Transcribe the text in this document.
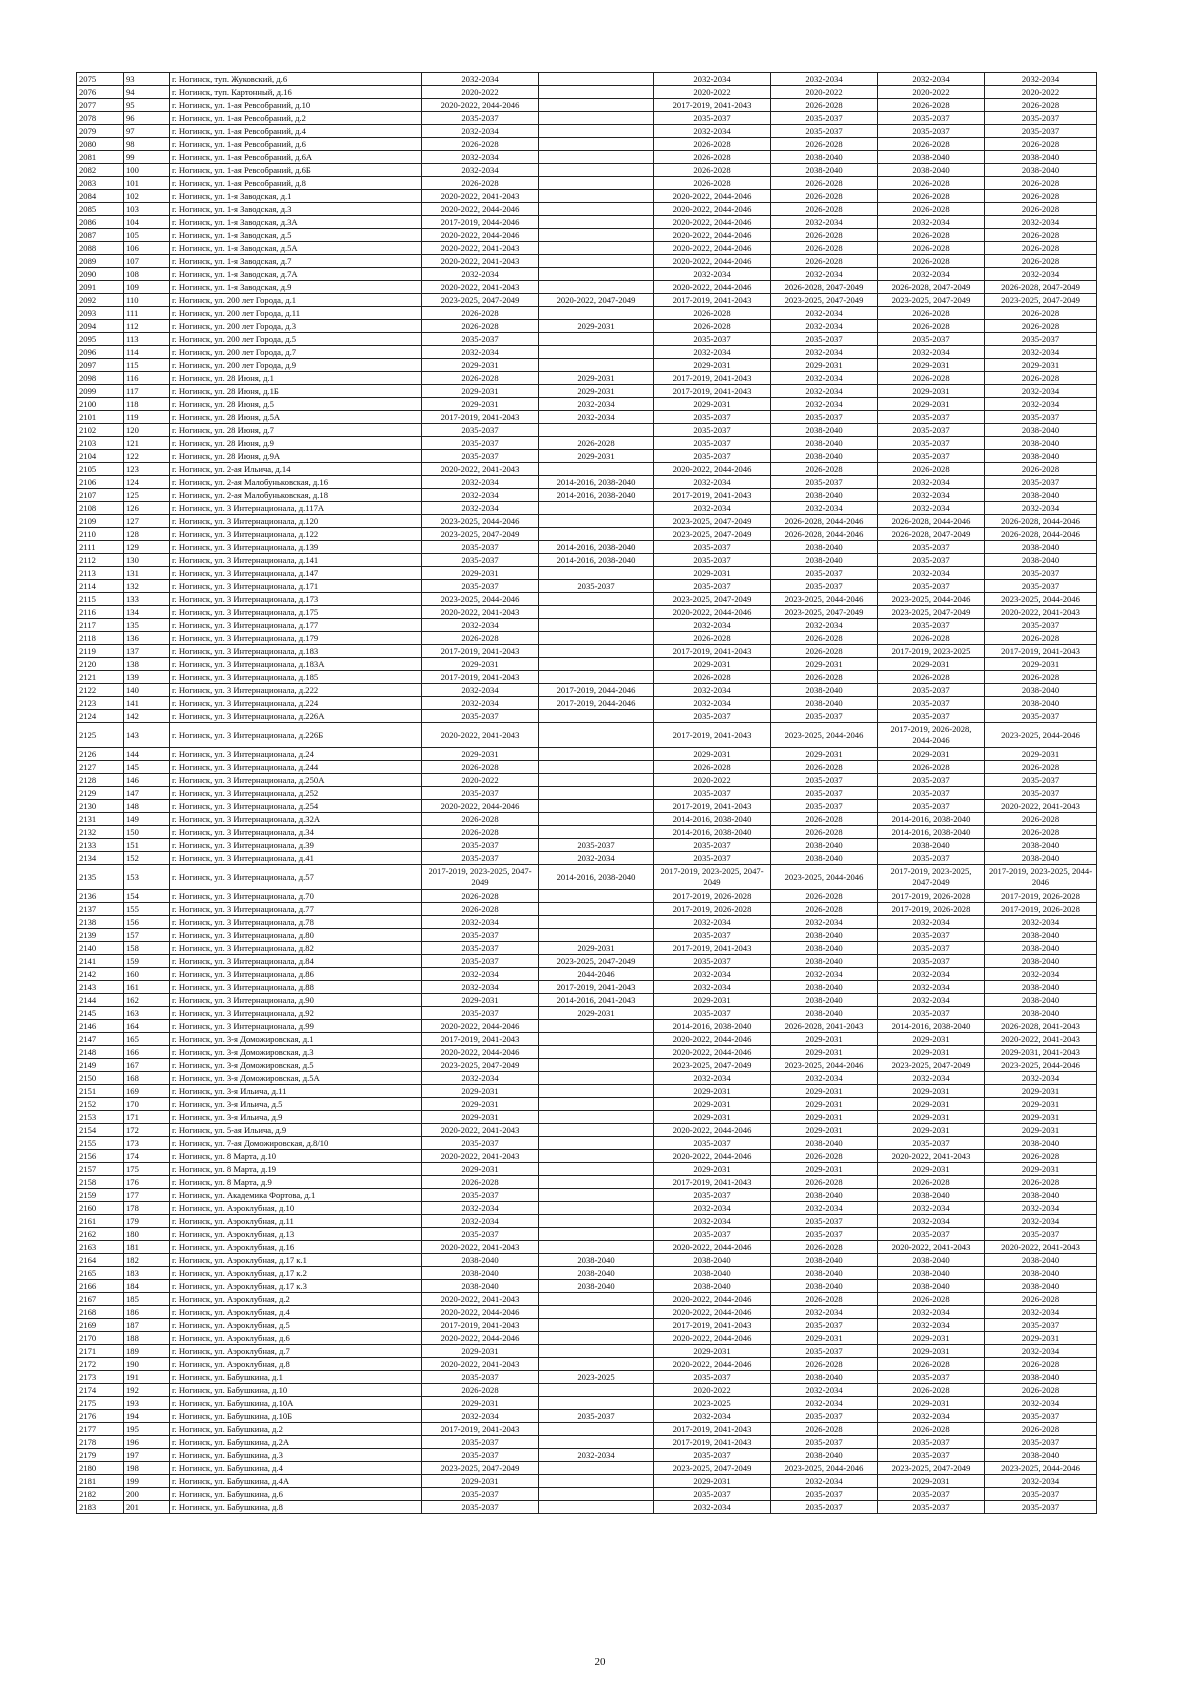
2075	93	г. Ногинск, туп. Жуковский, д.6	2032-2034		2032-2034	2032-2034	2032-2034	2032-2034
2076	94	г. Ногинск, туп. Картонный, д.16	2020-2022		2020-2022	2020-2022	2020-2022	2020-2022
2077	95	г. Ногинск, ул. 1-ая Ревсобраний, д.10	2020-2022, 2044-2046		2017-2019, 2041-2043	2026-2028	2026-2028	2026-2028
2078	96	г. Ногинск, ул. 1-ая Ревсобраний, д.2	2035-2037		2035-2037	2035-2037	2035-2037	2035-2037
2079	97	г. Ногинск, ул. 1-ая Ревсобраний, д.4	2032-2034		2032-2034	2035-2037	2035-2037	2035-2037
2080	98	г. Ногинск, ул. 1-ая Ревсобраний, д.6	2026-2028		2026-2028	2026-2028	2026-2028	2026-2028
2081	99	г. Ногинск, ул. 1-ая Ревсобраний, д.6А	2032-2034		2026-2028	2038-2040	2038-2040	2038-2040
2082	100	г. Ногинск, ул. 1-ая Ревсобраний, д.6Б	2032-2034		2026-2028	2038-2040	2038-2040	2038-2040
2083	101	г. Ногинск, ул. 1-ая Ревсобраний, д.8	2026-2028		2026-2028	2026-2028	2026-2028	2026-2028
2084	102	г. Ногинск, ул. 1-я Заводская, д.1	2020-2022, 2041-2043		2020-2022, 2044-2046	2026-2028	2026-2028	2026-2028
2085	103	г. Ногинск, ул. 1-я Заводская, д.3	2020-2022, 2044-2046		2020-2022, 2044-2046	2026-2028	2026-2028	2026-2028
2086	104	г. Ногинск, ул. 1-я Заводская, д.3А	2017-2019, 2044-2046		2020-2022, 2044-2046	2032-2034	2032-2034	2032-2034
2087	105	г. Ногинск, ул. 1-я Заводская, д.5	2020-2022, 2044-2046		2020-2022, 2044-2046	2026-2028	2026-2028	2026-2028
2088	106	г. Ногинск, ул. 1-я Заводская, д.5А	2020-2022, 2041-2043		2020-2022, 2044-2046	2026-2028	2026-2028	2026-2028
2089	107	г. Ногинск, ул. 1-я Заводская, д.7	2020-2022, 2041-2043		2020-2022, 2044-2046	2026-2028	2026-2028	2026-2028
2090	108	г. Ногинск, ул. 1-я Заводская, д.7А	2032-2034		2032-2034	2032-2034	2032-2034	2032-2034
2091	109	г. Ногинск, ул. 1-я Заводская, д.9	2020-2022, 2041-2043		2020-2022, 2044-2046	2026-2028, 2047-2049	2026-2028, 2047-2049	2026-2028, 2047-2049
2092	110	г. Ногинск, ул. 200 лет Города, д.1	2023-2025, 2047-2049	2020-2022, 2047-2049	2017-2019, 2041-2043	2023-2025, 2047-2049	2023-2025, 2047-2049	2023-2025, 2047-2049
2093	111	г. Ногинск, ул. 200 лет Города, д.11	2026-2028		2026-2028	2032-2034	2026-2028	2026-2028
2094	112	г. Ногинск, ул. 200 лет Города, д.3	2026-2028	2029-2031	2026-2028	2032-2034	2026-2028	2026-2028
2095	113	г. Ногинск, ул. 200 лет Города, д.5	2035-2037		2035-2037	2035-2037	2035-2037	2035-2037
2096	114	г. Ногинск, ул. 200 лет Города, д.7	2032-2034		2032-2034	2032-2034	2032-2034	2032-2034
2097	115	г. Ногинск, ул. 200 лет Города, д.9	2029-2031		2029-2031	2029-2031	2029-2031	2029-2031
2098	116	г. Ногинск, ул. 28 Июня, д.1	2026-2028	2029-2031	2017-2019, 2041-2043	2032-2034	2026-2028	2026-2028
2099	117	г. Ногинск, ул. 28 Июня, д.1Б	2029-2031	2029-2031	2017-2019, 2041-2043	2032-2034	2029-2031	2032-2034
2100	118	г. Ногинск, ул. 28 Июня, д.5	2029-2031	2032-2034	2029-2031	2032-2034	2029-2031	2032-2034
2101	119	г. Ногинск, ул. 28 Июня, д.5А	2017-2019, 2041-2043	2032-2034	2035-2037	2035-2037	2035-2037	2035-2037
2102	120	г. Ногинск, ул. 28 Июня, д.7	2035-2037		2035-2037	2038-2040	2035-2037	2038-2040
2103	121	г. Ногинск, ул. 28 Июня, д.9	2035-2037	2026-2028	2035-2037	2038-2040	2035-2037	2038-2040
2104	122	г. Ногинск, ул. 28 Июня, д.9А	2035-2037	2029-2031	2035-2037	2038-2040	2035-2037	2038-2040
2105	123	г. Ногинск, ул. 2-ая Ильича, д.14	2020-2022, 2041-2043		2020-2022, 2044-2046	2026-2028	2026-2028	2026-2028
2106	124	г. Ногинск, ул. 2-ая Малобуньковская, д.16	2032-2034	2014-2016, 2038-2040	2032-2034	2035-2037	2032-2034	2035-2037
2107	125	г. Ногинск, ул. 2-ая Малобуньковская, д.18	2032-2034	2014-2016, 2038-2040	2017-2019, 2041-2043	2038-2040	2032-2034	2038-2040
2108	126	г. Ногинск, ул. 3 Интернационала, д.117А	2032-2034		2032-2034	2032-2034	2032-2034	2032-2034
2109	127	г. Ногинск, ул. 3 Интернационала, д.120	2023-2025, 2044-2046		2023-2025, 2047-2049	2026-2028, 2044-2046	2026-2028, 2044-2046	2026-2028, 2044-2046
2110	128	г. Ногинск, ул. 3 Интернационала, д.122	2023-2025, 2047-2049		2023-2025, 2047-2049	2026-2028, 2044-2046	2026-2028, 2047-2049	2026-2028, 2044-2046
2111	129	г. Ногинск, ул. 3 Интернационала, д.139	2035-2037	2014-2016, 2038-2040	2035-2037	2038-2040	2035-2037	2038-2040
2112	130	г. Ногинск, ул. 3 Интернационала, д.141	2035-2037	2014-2016, 2038-2040	2035-2037	2038-2040	2035-2037	2038-2040
2113	131	г. Ногинск, ул. 3 Интернационала, д.147	2029-2031		2029-2031	2035-2037	2032-2034	2035-2037
2114	132	г. Ногинск, ул. 3 Интернационала, д.171	2035-2037	2035-2037	2035-2037	2035-2037	2035-2037	2035-2037
2115	133	г. Ногинск, ул. 3 Интернационала, д.173	2023-2025, 2044-2046		2023-2025, 2047-2049	2023-2025, 2044-2046	2023-2025, 2044-2046	2023-2025, 2044-2046
2116	134	г. Ногинск, ул. 3 Интернационала, д.175	2020-2022, 2041-2043		2020-2022, 2044-2046	2023-2025, 2047-2049	2023-2025, 2047-2049	2020-2022, 2041-2043
2117	135	г. Ногинск, ул. 3 Интернационала, д.177	2032-2034		2032-2034	2032-2034	2035-2037	2035-2037
2118	136	г. Ногинск, ул. 3 Интернационала, д.179	2026-2028		2026-2028	2026-2028	2026-2028	2026-2028
2119	137	г. Ногинск, ул. 3 Интернационала, д.183	2017-2019, 2041-2043		2017-2019, 2041-2043	2026-2028	2017-2019, 2023-2025	2017-2019, 2041-2043
2120	138	г. Ногинск, ул. 3 Интернационала, д.183А	2029-2031		2029-2031	2029-2031	2029-2031	2029-2031
2121	139	г. Ногинск, ул. 3 Интернационала, д.185	2017-2019, 2041-2043		2026-2028	2026-2028	2026-2028	2026-2028
2122	140	г. Ногинск, ул. 3 Интернационала, д.222	2032-2034	2017-2019, 2044-2046	2032-2034	2038-2040	2035-2037	2038-2040
2123	141	г. Ногинск, ул. 3 Интернационала, д.224	2032-2034	2017-2019, 2044-2046	2032-2034	2038-2040	2035-2037	2038-2040
2124	142	г. Ногинск, ул. 3 Интернационала, д.226А	2035-2037		2035-2037	2035-2037	2035-2037	2035-2037
2125	143	г. Ногинск, ул. 3 Интернационала, д.226Б	2020-2022, 2041-2043		2017-2019, 2041-2043	2023-2025, 2044-2046	2017-2019, 2026-2028, 2044-2046	2023-2025, 2044-2046
2126	144	г. Ногинск, ул. 3 Интернационала, д.24	2029-2031		2029-2031	2029-2031	2029-2031	2029-2031
2127	145	г. Ногинск, ул. 3 Интернационала, д.244	2026-2028		2026-2028	2026-2028	2026-2028	2026-2028
2128	146	г. Ногинск, ул. 3 Интернационала, д.250А	2020-2022		2020-2022	2035-2037	2035-2037	2035-2037
2129	147	г. Ногинск, ул. 3 Интернационала, д.252	2035-2037		2035-2037	2035-2037	2035-2037	2035-2037
2130	148	г. Ногинск, ул. 3 Интернационала, д.254	2020-2022, 2044-2046		2017-2019, 2041-2043	2035-2037	2035-2037	2020-2022, 2041-2043
2131	149	г. Ногинск, ул. 3 Интернационала, д.32А	2026-2028		2014-2016, 2038-2040	2026-2028	2014-2016, 2038-2040	2026-2028
2132	150	г. Ногинск, ул. 3 Интернационала, д.34	2026-2028		2014-2016, 2038-2040	2026-2028	2014-2016, 2038-2040	2026-2028
2133	151	г. Ногинск, ул. 3 Интернационала, д.39	2035-2037	2035-2037	2035-2037	2038-2040	2038-2040	2038-2040
2134	152	г. Ногинск, ул. 3 Интернационала, д.41	2035-2037	2032-2034	2035-2037	2038-2040	2035-2037	2038-2040
2135	153	г. Ногинск, ул. 3 Интернационала, д.57	2017-2019, 2023-2025, 2047-2049	2014-2016, 2038-2040	2017-2019, 2023-2025, 2047-2049	2023-2025, 2044-2046	2017-2019, 2023-2025, 2047-2049	2017-2019, 2023-2025, 2044-2046
2136	154	г. Ногинск, ул. 3 Интернационала, д.70	2026-2028		2017-2019, 2026-2028	2026-2028	2017-2019, 2026-2028	2017-2019, 2026-2028
2137	155	г. Ногинск, ул. 3 Интернационала, д.77	2026-2028		2017-2019, 2026-2028	2026-2028	2017-2019, 2026-2028	2017-2019, 2026-2028
2138	156	г. Ногинск, ул. 3 Интернационала, д.78	2032-2034		2032-2034	2032-2034	2032-2034	2032-2034
2139	157	г. Ногинск, ул. 3 Интернационала, д.80	2035-2037		2035-2037	2038-2040	2035-2037	2038-2040
2140	158	г. Ногинск, ул. 3 Интернационала, д.82	2035-2037	2029-2031	2017-2019, 2041-2043	2038-2040	2035-2037	2038-2040
2141	159	г. Ногинск, ул. 3 Интернационала, д.84	2035-2037	2023-2025, 2047-2049	2035-2037	2038-2040	2035-2037	2038-2040
2142	160	г. Ногинск, ул. 3 Интернационала, д.86	2032-2034	2044-2046	2032-2034	2032-2034	2032-2034	2032-2034
2143	161	г. Ногинск, ул. 3 Интернационала, д.88	2032-2034	2017-2019, 2041-2043	2032-2034	2038-2040	2032-2034	2038-2040
2144	162	г. Ногинск, ул. 3 Интернационала, д.90	2029-2031	2014-2016, 2041-2043	2029-2031	2038-2040	2032-2034	2038-2040
2145	163	г. Ногинск, ул. 3 Интернационала, д.92	2035-2037	2029-2031	2035-2037	2038-2040	2035-2037	2038-2040
2146	164	г. Ногинск, ул. 3 Интернационала, д.99	2020-2022, 2044-2046		2014-2016, 2038-2040	2026-2028, 2041-2043	2014-2016, 2038-2040	2026-2028, 2041-2043
2147	165	г. Ногинск, ул. 3-я Доможировская, д.1	2017-2019, 2041-2043		2020-2022, 2044-2046	2029-2031	2029-2031	2020-2022, 2041-2043
2148	166	г. Ногинск, ул. 3-я Доможировская, д.3	2020-2022, 2044-2046		2020-2022, 2044-2046	2029-2031	2029-2031	2029-2031, 2041-2043
2149	167	г. Ногинск, ул. 3-я Доможировская, д.5	2023-2025, 2047-2049		2023-2025, 2047-2049	2023-2025, 2044-2046	2023-2025, 2047-2049	2023-2025, 2044-2046
2150	168	г. Ногинск, ул. 3-я Доможировская, д.5А	2032-2034		2032-2034	2032-2034	2032-2034	2032-2034
2151	169	г. Ногинск, ул. 3-я Ильича, д.11	2029-2031		2029-2031	2029-2031	2029-2031	2029-2031
2152	170	г. Ногинск, ул. 3-я Ильича, д.5	2029-2031		2029-2031	2029-2031	2029-2031	2029-2031
2153	171	г. Ногинск, ул. 3-я Ильича, д.9	2029-2031		2029-2031	2029-2031	2029-2031	2029-2031
2154	172	г. Ногинск, ул. 5-ая Ильича, д.9	2020-2022, 2041-2043		2020-2022, 2044-2046	2029-2031	2029-2031	2029-2031
2155	173	г. Ногинск, ул. 7-ая Доможировская, д.8/10	2035-2037		2035-2037	2038-2040	2035-2037	2038-2040
2156	174	г. Ногинск, ул. 8 Марта, д.10	2020-2022, 2041-2043		2020-2022, 2044-2046	2026-2028	2020-2022, 2041-2043	2026-2028
2157	175	г. Ногинск, ул. 8 Марта, д.19	2029-2031		2029-2031	2029-2031	2029-2031	2029-2031
2158	176	г. Ногинск, ул. 8 Марта, д.9	2026-2028		2017-2019, 2041-2043	2026-2028	2026-2028	2026-2028
2159	177	г. Ногинск, ул. Академика Фортова, д.1	2035-2037		2035-2037	2038-2040	2038-2040	2038-2040
2160	178	г. Ногинск, ул. Аэроклубная, д.10	2032-2034		2032-2034	2032-2034	2032-2034	2032-2034
2161	179	г. Ногинск, ул. Аэроклубная, д.11	2032-2034		2032-2034	2035-2037	2032-2034	2032-2034
2162	180	г. Ногинск, ул. Аэроклубная, д.13	2035-2037		2035-2037	2035-2037	2035-2037	2035-2037
2163	181	г. Ногинск, ул. Аэроклубная, д.16	2020-2022, 2041-2043		2020-2022, 2044-2046	2026-2028	2020-2022, 2041-2043	2020-2022, 2041-2043
2164	182	г. Ногинск, ул. Аэроклубная, д.17 к.1	2038-2040	2038-2040	2038-2040	2038-2040	2038-2040	2038-2040
2165	183	г. Ногинск, ул. Аэроклубная, д.17 к.2	2038-2040	2038-2040	2038-2040	2038-2040	2038-2040	2038-2040
2166	184	г. Ногинск, ул. Аэроклубная, д.17 к.3	2038-2040	2038-2040	2038-2040	2038-2040	2038-2040	2038-2040
2167	185	г. Ногинск, ул. Аэроклубная, д.2	2020-2022, 2041-2043		2020-2022, 2044-2046	2026-2028	2026-2028	2026-2028
2168	186	г. Ногинск, ул. Аэроклубная, д.4	2020-2022, 2044-2046		2020-2022, 2044-2046	2032-2034	2032-2034	2032-2034
2169	187	г. Ногинск, ул. Аэроклубная, д.5	2017-2019, 2041-2043		2017-2019, 2041-2043	2035-2037	2032-2034	2035-2037
2170	188	г. Ногинск, ул. Аэроклубная, д.6	2020-2022, 2044-2046		2020-2022, 2044-2046	2029-2031	2029-2031	2029-2031
2171	189	г. Ногинск, ул. Аэроклубная, д.7	2029-2031		2029-2031	2035-2037	2029-2031	2032-2034
2172	190	г. Ногинск, ул. Аэроклубная, д.8	2020-2022, 2041-2043		2020-2022, 2044-2046	2026-2028	2026-2028	2026-2028
2173	191	г. Ногинск, ул. Бабушкина, д.1	2035-2037	2023-2025	2035-2037	2038-2040	2035-2037	2038-2040
2174	192	г. Ногинск, ул. Бабушкина, д.10	2026-2028		2020-2022	2032-2034	2026-2028	2026-2028
2175	193	г. Ногинск, ул. Бабушкина, д.10А	2029-2031		2023-2025	2032-2034	2029-2031	2032-2034
2176	194	г. Ногинск, ул. Бабушкина, д.10Б	2032-2034	2035-2037	2032-2034	2035-2037	2032-2034	2035-2037
2177	195	г. Ногинск, ул. Бабушкина, д.2	2017-2019, 2041-2043		2017-2019, 2041-2043	2026-2028	2026-2028	2026-2028
2178	196	г. Ногинск, ул. Бабушкина, д.2А	2035-2037		2017-2019, 2041-2043	2035-2037	2035-2037	2035-2037
2179	197	г. Ногинск, ул. Бабушкина, д.3	2035-2037	2032-2034	2035-2037	2038-2040	2035-2037	2038-2040
2180	198	г. Ногинск, ул. Бабушкина, д.4	2023-2025, 2047-2049		2023-2025, 2047-2049	2023-2025, 2044-2046	2023-2025, 2047-2049	2023-2025, 2044-2046
2181	199	г. Ногинск, ул. Бабушкина, д.4А	2029-2031		2029-2031	2032-2034	2029-2031	2032-2034
2182	200	г. Ногинск, ул. Бабушкина, д.6	2035-2037		2035-2037	2035-2037	2035-2037	2035-2037
2183	201	г. Ногинск, ул. Бабушкина, д.8	2035-2037		2032-2034	2035-2037	2035-2037	2035-2037
20
